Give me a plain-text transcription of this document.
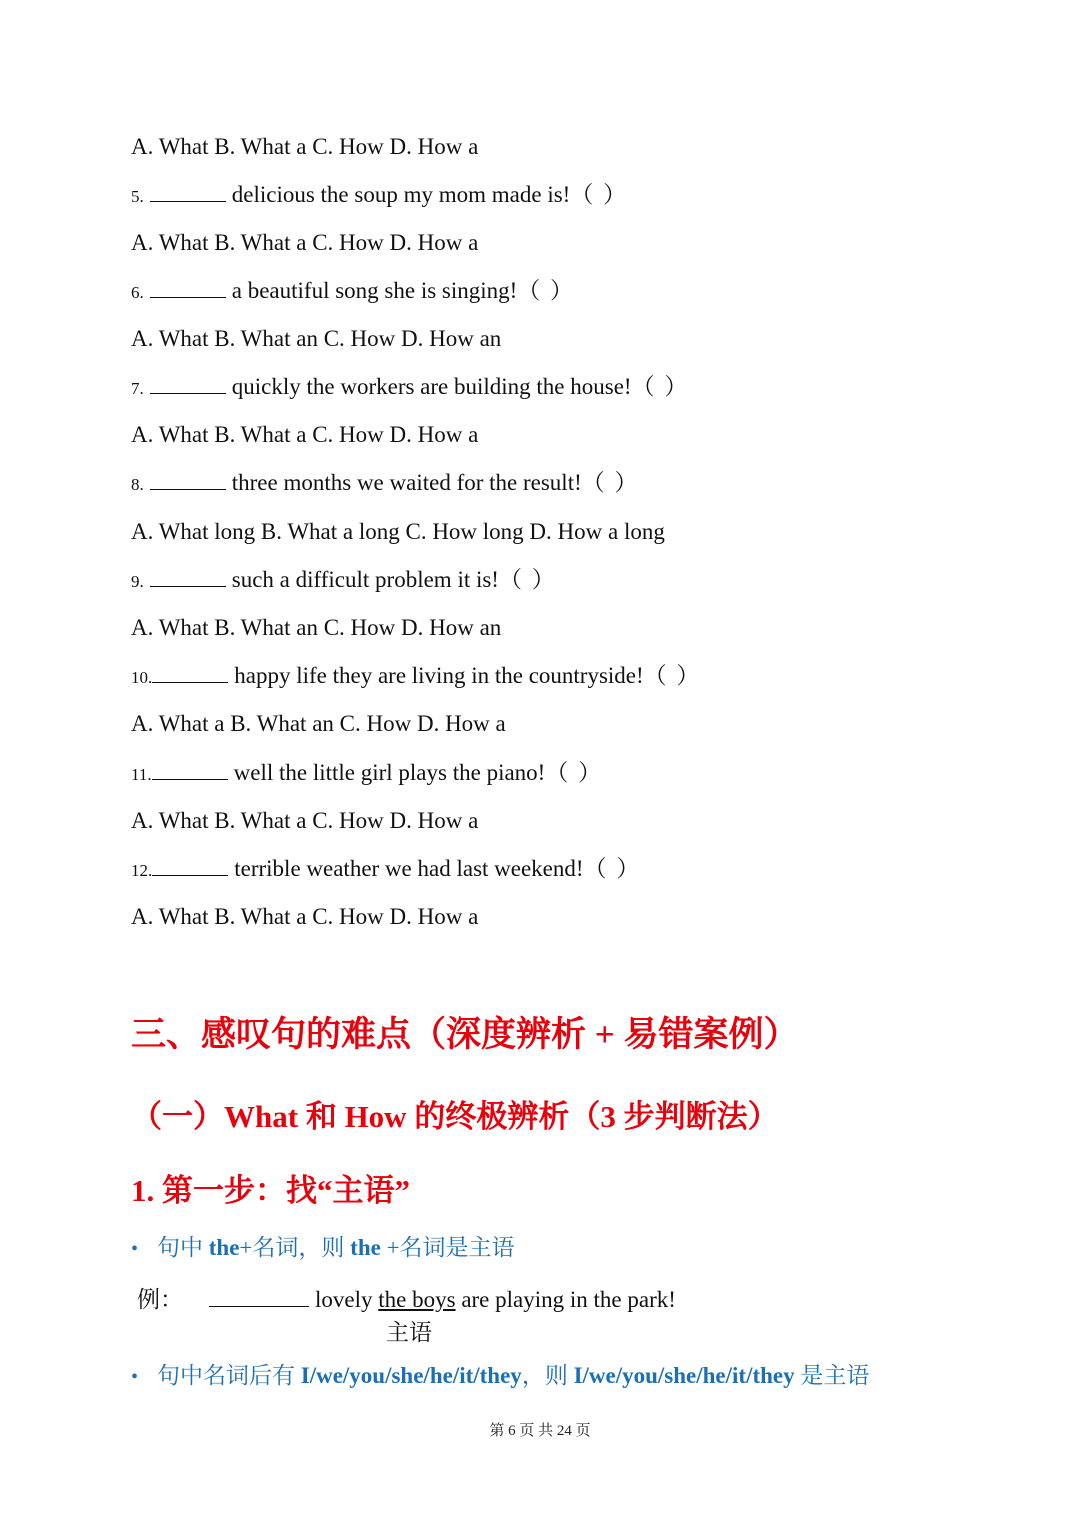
A. What B. What a C. How D. How a
5.	delicious the soup my mom made is!（ ）
A. What B. What a C. How D. How a
6.	a beautiful song she is singing!（ ）
A. What B. What an C. How D. How an
7.	quickly the workers are building the house!（ ）
A. What B. What a C. How D. How a
8.	three months we waited for the result!（ ）
A. What long B. What a long C. How long D. How a long
9.	such a difficult problem it is!（ ）
A. What B. What an C. How D. How an
10.	happy life they are living in the countryside!（ ）
A. What a B. What an C. How D. How a
11.	well the little girl plays the piano!（ ）
A. What B. What a C. How D. How a
12.	terrible weather we had last weekend!（ ）
A. What B. What a C. How D. How a
三、感叹句的难点（深度辨析 + 易错案例）
（一）What 和 How 的终极辨析（3 步判断法）
1. 第一步：找“主语”
• 句中 the+名词，则 the +名词是主语
例：	lovely the boys are playing in the park!
主语
• 句中名词后有 I/we/you/she/he/it/they，则 I/we/you/she/he/it/they 是主语
第 6 页 共 24 页
